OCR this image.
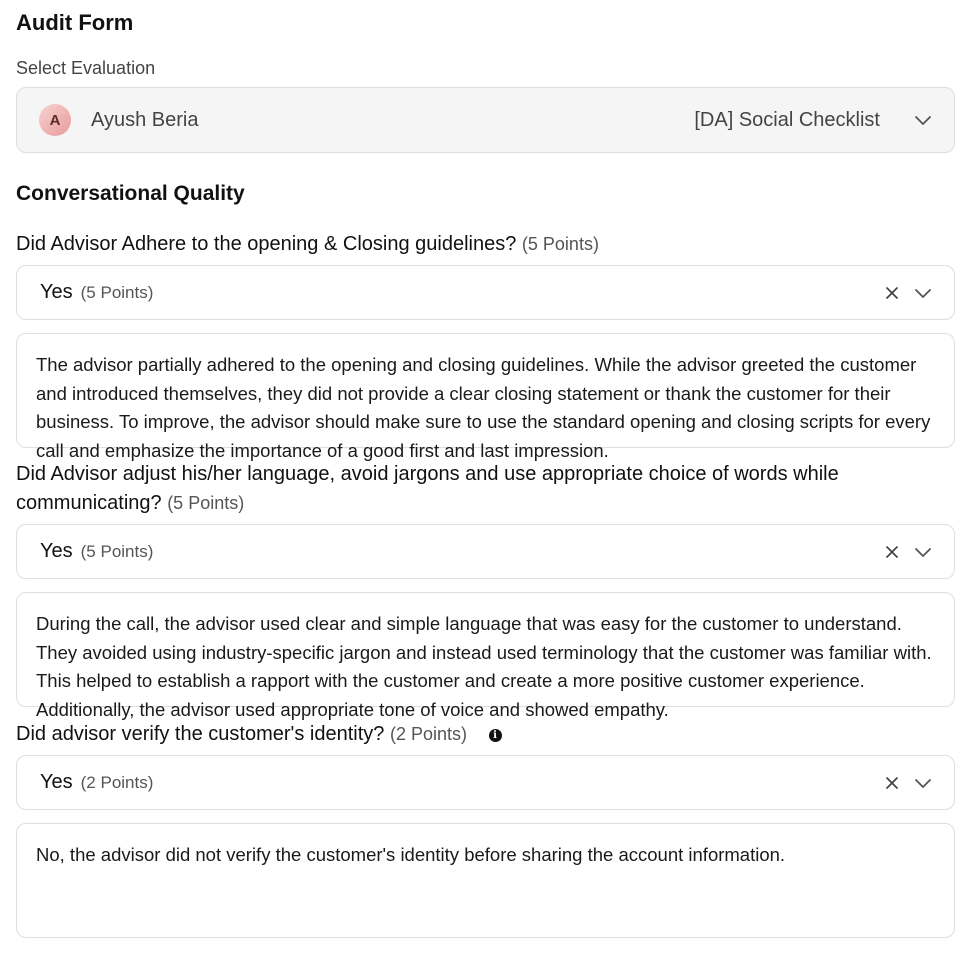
Audit Form
Select Evaluation
A	Ayush Beria	[DA] Social Checklist
Conversational Quality
Did Advisor Adhere to the opening & Closing guidelines? (5 Points)
Yes (5 Points)
The advisor partially adhered to the opening and closing guidelines. While the advisor greeted the customer and introduced themselves, they did not provide a clear closing statement or thank the customer for their business. To improve, the advisor should make sure to use the standard opening and closing scripts for every call and emphasize the importance of a good first and last impression.
Did Advisor adjust his/her language, avoid jargons and use appropriate choice of words while communicating? (5 Points)
Yes (5 Points)
During the call, the advisor used clear and simple language that was easy for the customer to understand. They avoided using industry-specific jargon and instead used terminology that the customer was familiar with. This helped to establish a rapport with the customer and create a more positive customer experience. Additionally, the advisor used appropriate tone of voice and showed empathy.
Did advisor verify the customer's identity? (2 Points)	i
Yes (2 Points)
No, the advisor did not verify the customer's identity before sharing the account information.
